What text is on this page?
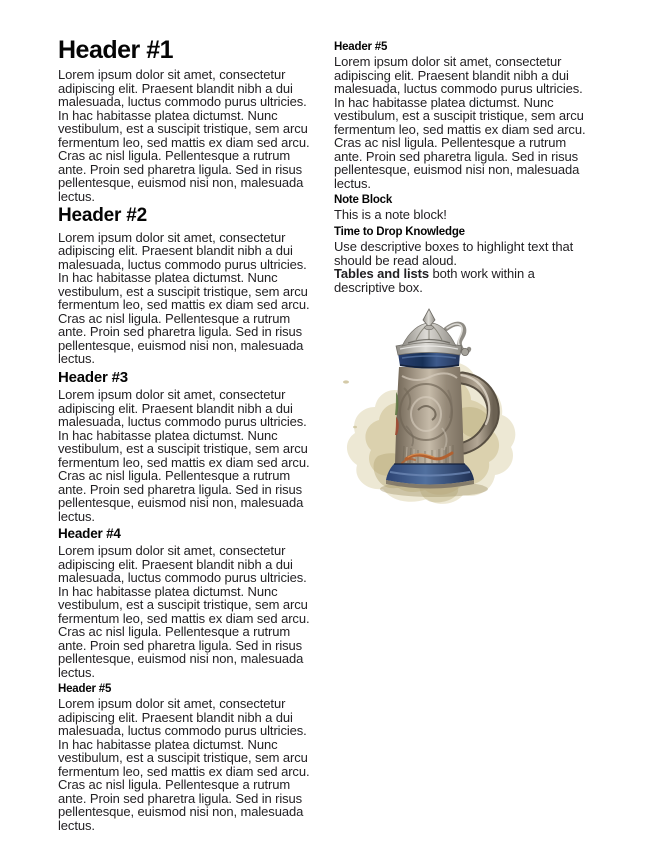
Header #1

Lorem ipsum dolor sit amet, consectetur adipiscing elit. Praesent blandit nibh a dui malesuada, luctus commodo purus ultricies. In hac habitasse platea dictumst. Nunc vestibulum, est a suscipit tristique, sem arcu fermentum leo, sed mattis ex diam sed arcu. Cras ac nisl ligula. Pellentesque a rutrum ante. Proin sed pharetra ligula. Sed in risus pellentesque, euismod nisi non, malesuada lectus.

Header #2

Lorem ipsum dolor sit amet, consectetur adipiscing elit. Praesent blandit nibh a dui malesuada, luctus commodo purus ultricies. In hac habitasse platea dictumst. Nunc vestibulum, est a suscipit tristique, sem arcu fermentum leo, sed mattis ex diam sed arcu. Cras ac nisl ligula. Pellentesque a rutrum ante. Proin sed pharetra ligula. Sed in risus pellentesque, euismod nisi non, malesuada lectus.

Header #3

Lorem ipsum dolor sit amet, consectetur adipiscing elit. Praesent blandit nibh a dui malesuada, luctus commodo purus ultricies. In hac habitasse platea dictumst. Nunc vestibulum, est a suscipit tristique, sem arcu fermentum leo, sed mattis ex diam sed arcu. Cras ac nisl ligula. Pellentesque a rutrum ante. Proin sed pharetra ligula. Sed in risus pellentesque, euismod nisi non, malesuada lectus.

Header #4

Lorem ipsum dolor sit amet, consectetur adipiscing elit. Praesent blandit nibh a dui malesuada, luctus commodo purus ultricies. In hac habitasse platea dictumst. Nunc vestibulum, est a suscipit tristique, sem arcu fermentum leo, sed mattis ex diam sed arcu. Cras ac nisl ligula. Pellentesque a rutrum ante. Proin sed pharetra ligula. Sed in risus pellentesque, euismod nisi non, malesuada lectus.

Header #5

Lorem ipsum dolor sit amet, consectetur adipiscing elit. Praesent blandit nibh a dui malesuada, luctus commodo purus ultricies. In hac habitasse platea dictumst. Nunc vestibulum, est a suscipit tristique, sem arcu fermentum leo, sed mattis ex diam sed arcu. Cras ac nisl ligula. Pellentesque a rutrum ante. Proin sed pharetra ligula. Sed in risus pellentesque, euismod nisi non, malesuada lectus.

Header #5

Lorem ipsum dolor sit amet, consectetur adipiscing elit. Praesent blandit nibh a dui malesuada, luctus commodo purus ultricies. In hac habitasse platea dictumst. Nunc vestibulum, est a suscipit tristique, sem arcu fermentum leo, sed mattis ex diam sed arcu. Cras ac nisl ligula. Pellentesque a rutrum ante. Proin sed pharetra ligula. Sed in risus pellentesque, euismod nisi non, malesuada lectus.

Note Block

This is a note block!

Time to Drop Knowledge

Use descriptive boxes to highlight text that should be read aloud.

Tables and lists both work within a descriptive box.
